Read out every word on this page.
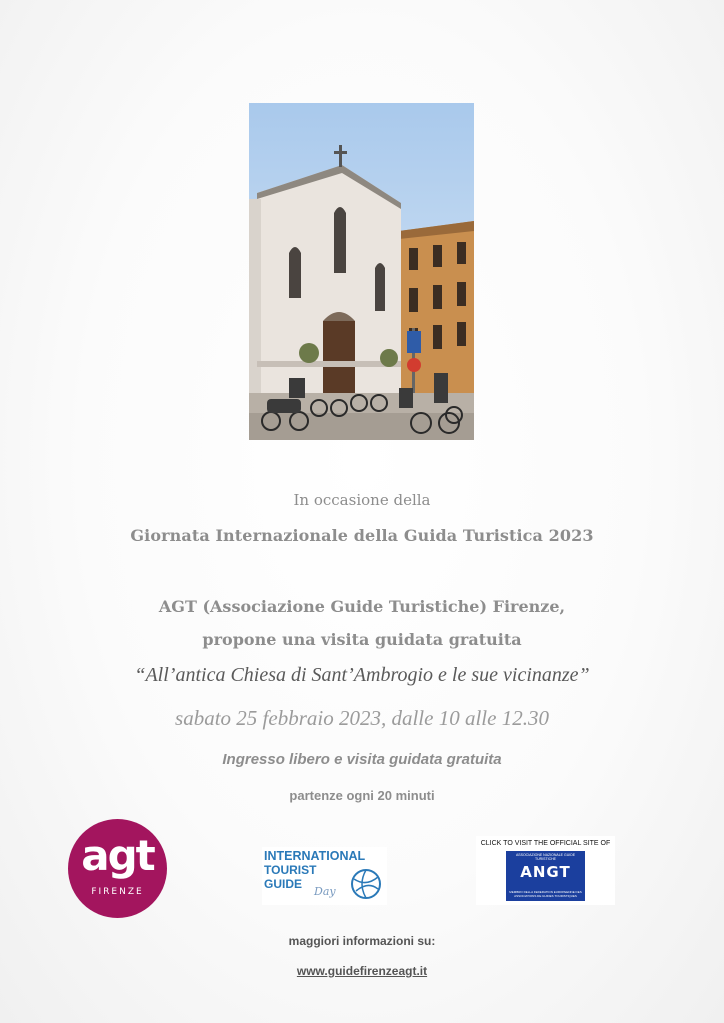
In occasione della
Giornata Internazionale della Guida Turistica 2023
AGT (Associazione Guide Turistiche) Firenze,
propone una visita guidata gratuita
“All’antica Chiesa di Sant’Ambrogio e le sue vicinanze”
sabato 25 febbraio 2023, dalle 10 alle 12.30
Ingresso libero e visita guidata gratuita
partenze ogni 20 minuti
agt
FIRENZE
INTERNATIONAL
TOURIST
GUIDE
Day
CLICK TO VISIT THE OFFICIAL SITE OF
ASSOCIAZIONE NAZIONALE GUIDE TURISTICHE
ANGT
MEMBRO DELLA FEDERATION EUROPEENNE DES ASSOCIATIONS DE GUIDES TOURISTIQUES
maggiori informazioni su:
www.guidefirenzeagt.it
